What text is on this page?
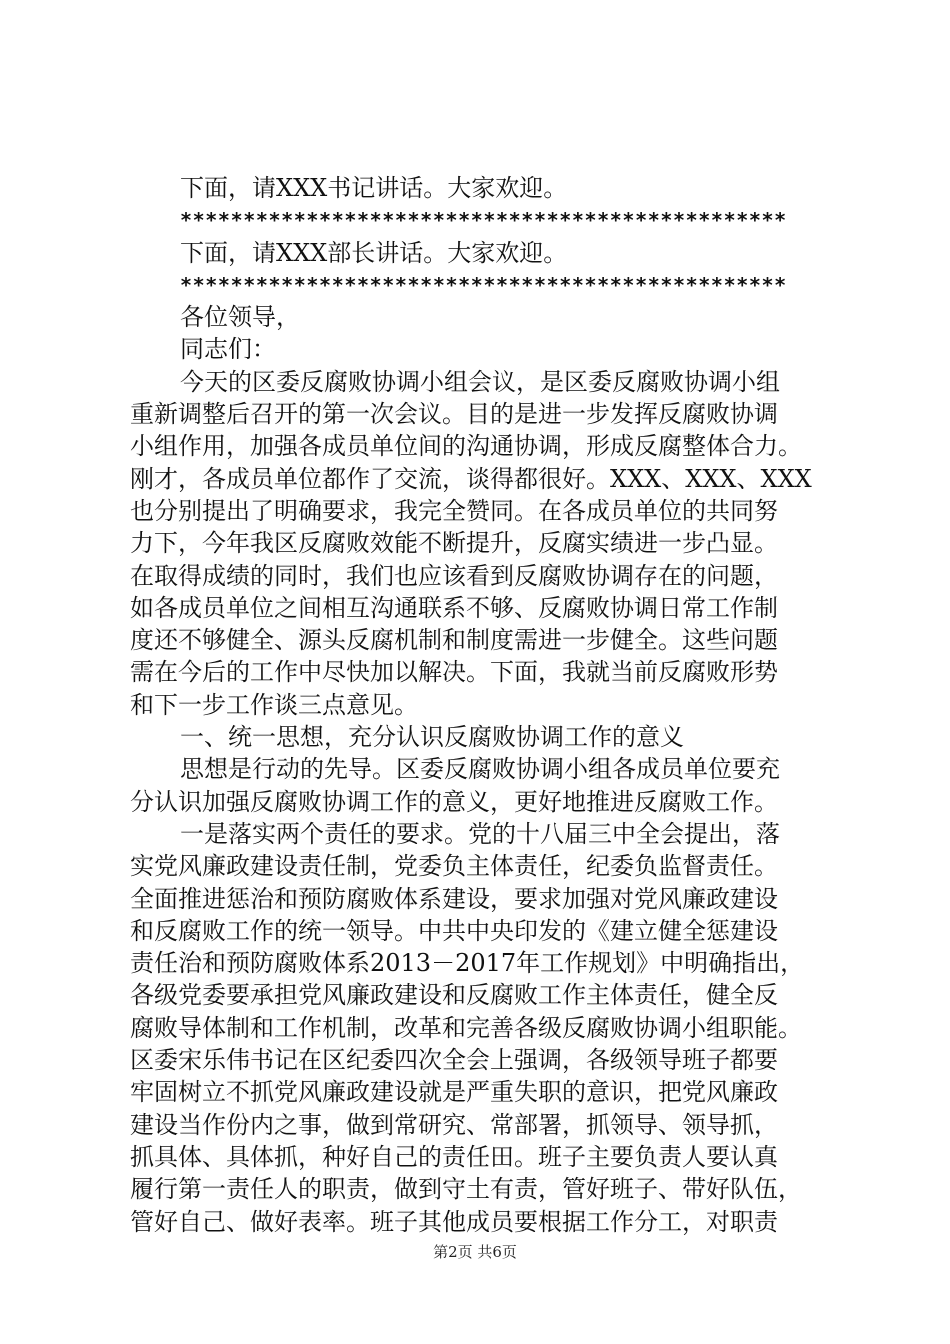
下面，请XXX书记讲话。大家欢迎。
************************************************
下面，请XXX部长讲话。大家欢迎。
************************************************
各位领导，
同志们：
今天的区委反腐败协调小组会议，是区委反腐败协调小组
重新调整后召开的第一次会议。目的是进一步发挥反腐败协调
小组作用，加强各成员单位间的沟通协调，形成反腐整体合力。
刚才，各成员单位都作了交流，谈得都很好。XXX、XXX、XXX
也分别提出了明确要求，我完全赞同。在各成员单位的共同努
力下，今年我区反腐败效能不断提升，反腐实绩进一步凸显。
在取得成绩的同时，我们也应该看到反腐败协调存在的问题，
如各成员单位之间相互沟通联系不够、反腐败协调日常工作制
度还不够健全、源头反腐机制和制度需进一步健全。这些问题
需在今后的工作中尽快加以解决。下面，我就当前反腐败形势
和下一步工作谈三点意见。
一、统一思想，充分认识反腐败协调工作的意义
思想是行动的先导。区委反腐败协调小组各成员单位要充
分认识加强反腐败协调工作的意义，更好地推进反腐败工作。
一是落实两个责任的要求。党的十八届三中全会提出，落
实党风廉政建设责任制，党委负主体责任，纪委负监督责任。
全面推进惩治和预防腐败体系建设，要求加强对党风廉政建设
和反腐败工作的统一领导。中共中央印发的《建立健全惩建设
责任治和预防腐败体系2013－2017年工作规划》中明确指出，
各级党委要承担党风廉政建设和反腐败工作主体责任，健全反
腐败导体制和工作机制，改革和完善各级反腐败协调小组职能。
区委宋乐伟书记在区纪委四次全会上强调，各级领导班子都要
牢固树立不抓党风廉政建设就是严重失职的意识，把党风廉政
建设当作份内之事，做到常研究、常部署，抓领导、领导抓，
抓具体、具体抓，种好自己的责任田。班子主要负责人要认真
履行第一责任人的职责，做到守土有责，管好班子、带好队伍，
管好自己、做好表率。班子其他成员要根据工作分工，对职责
第2页 共6页
